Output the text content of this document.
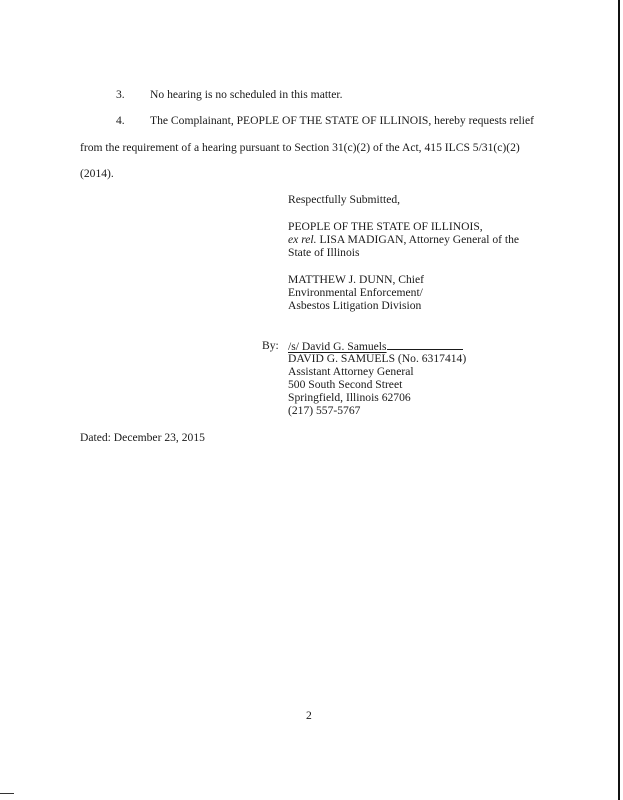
3. No hearing is no scheduled in this matter.
4. The Complainant, PEOPLE OF THE STATE OF ILLINOIS, hereby requests relief
from the requirement of a hearing pursuant to Section 31(c)(2) of the Act, 415 ILCS 5/31(c)(2)
(2014).
Respectfully Submitted,
PEOPLE OF THE STATE OF ILLINOIS,
ex rel. LISA MADIGAN, Attorney General of the
State of Illinois
MATTHEW J. DUNN, Chief
Environmental Enforcement/
Asbestos Litigation Division
By: /s/ David G. Samuels
DAVID G. SAMUELS (No. 6317414)
Assistant Attorney General
500 South Second Street
Springfield, Illinois 62706
(217) 557-5767
Dated: December 23, 2015
2
